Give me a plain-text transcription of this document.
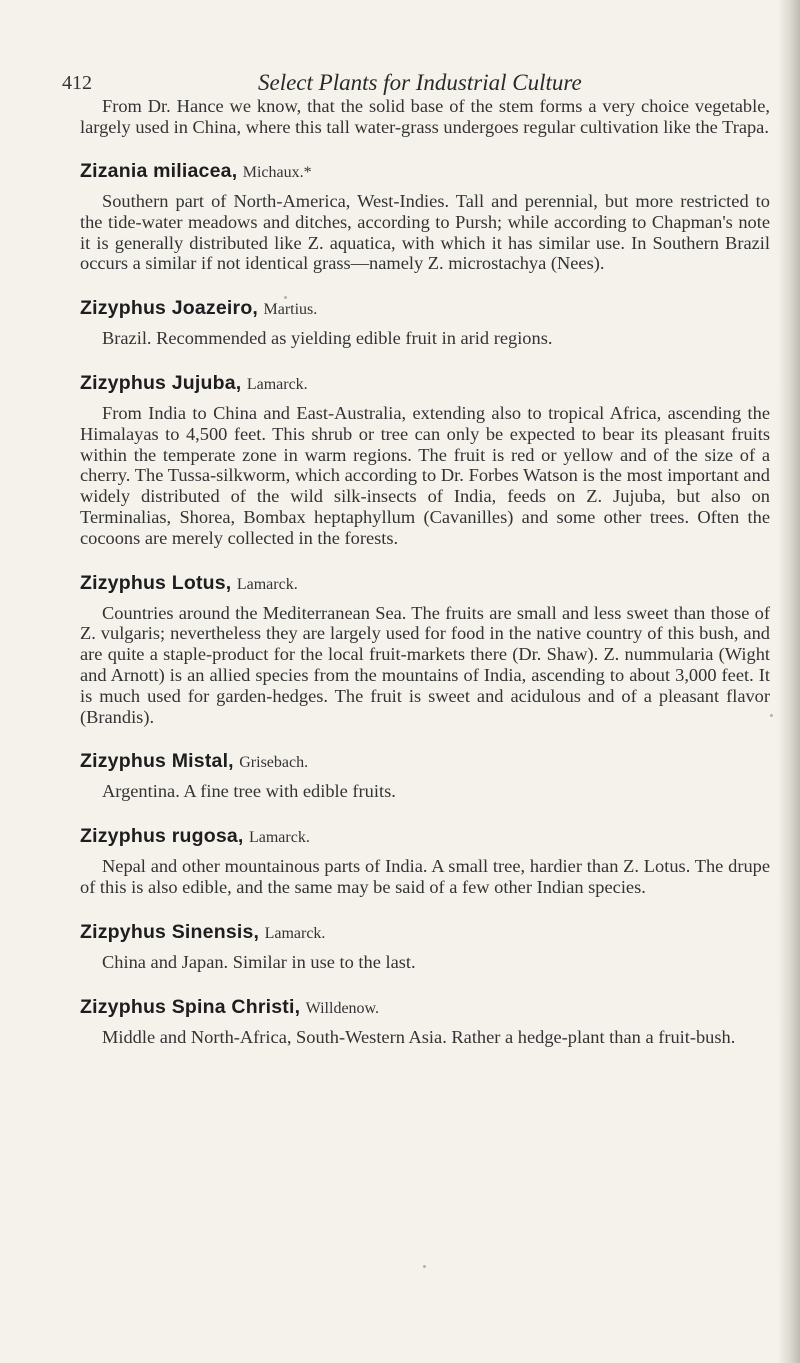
412	Select Plants for Industrial Culture

From Dr. Hance we know, that the solid base of the stem forms a very choice vegetable, largely used in China, where this tall water-grass undergoes regular cultivation like the Trapa.

Zizania miliacea, Michaux.*

Southern part of North-America, West-Indies. Tall and perennial, but more restricted to the tide-water meadows and ditches, according to Pursh; while according to Chapman's note it is generally distributed like Z. aquatica, with which it has similar use. In Southern Brazil occurs a similar if not identical grass—namely Z. microstachya (Nees).

Zizyphus Joazeiro, Martius.

Brazil. Recommended as yielding edible fruit in arid regions.

Zizyphus Jujuba, Lamarck.

From India to China and East-Australia, extending also to tropical Africa, ascending the Himalayas to 4,500 feet. This shrub or tree can only be expected to bear its pleasant fruits within the temperate zone in warm regions. The fruit is red or yellow and of the size of a cherry. The Tussa-silkworm, which according to Dr. Forbes Watson is the most important and widely distributed of the wild silk-insects of India, feeds on Z. Jujuba, but also on Terminalias, Shorea, Bombax heptaphyllum (Cavanilles) and some other trees. Often the cocoons are merely collected in the forests.

Zizyphus Lotus, Lamarck.

Countries around the Mediterranean Sea. The fruits are small and less sweet than those of Z. vulgaris; nevertheless they are largely used for food in the native country of this bush, and are quite a staple-product for the local fruit-markets there (Dr. Shaw). Z. nummularia (Wight and Arnott) is an allied species from the mountains of India, ascending to about 3,000 feet. It is much used for garden-hedges. The fruit is sweet and acidulous and of a pleasant flavor (Brandis).

Zizyphus Mistal, Grisebach.

Argentina. A fine tree with edible fruits.

Zizyphus rugosa, Lamarck.

Nepal and other mountainous parts of India. A small tree, hardier than Z. Lotus. The drupe of this is also edible, and the same may be said of a few other Indian species.

Zizpyhus Sinensis, Lamarck.

China and Japan. Similar in use to the last.

Zizyphus Spina Christi, Willdenow.

Middle and North-Africa, South-Western Asia. Rather a hedge-plant than a fruit-bush.
